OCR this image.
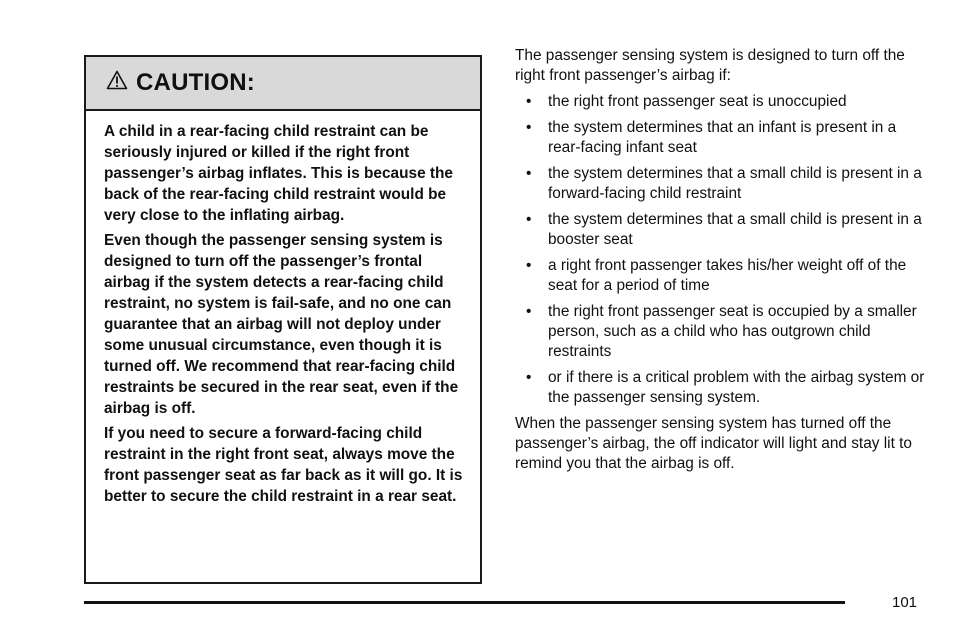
CAUTION:

A child in a rear-facing child restraint can be seriously injured or killed if the right front passenger’s airbag inflates. This is because the back of the rear-facing child restraint would be very close to the inflating airbag.

Even though the passenger sensing system is designed to turn off the passenger’s frontal airbag if the system detects a rear-facing child restraint, no system is fail-safe, and no one can guarantee that an airbag will not deploy under some unusual circumstance, even though it is turned off. We recommend that rear-facing child restraints be secured in the rear seat, even if the airbag is off.

If you need to secure a forward-facing child restraint in the right front seat, always move the front passenger seat as far back as it will go. It is better to secure the child restraint in a rear seat.

The passenger sensing system is designed to turn off the right front passenger’s airbag if:

• the right front passenger seat is unoccupied
• the system determines that an infant is present in a rear-facing infant seat
• the system determines that a small child is present in a forward-facing child restraint
• the system determines that a small child is present in a booster seat
• a right front passenger takes his/her weight off of the seat for a period of time
• the right front passenger seat is occupied by a smaller person, such as a child who has outgrown child restraints
• or if there is a critical problem with the airbag system or the passenger sensing system.

When the passenger sensing system has turned off the passenger’s airbag, the off indicator will light and stay lit to remind you that the airbag is off.

101
